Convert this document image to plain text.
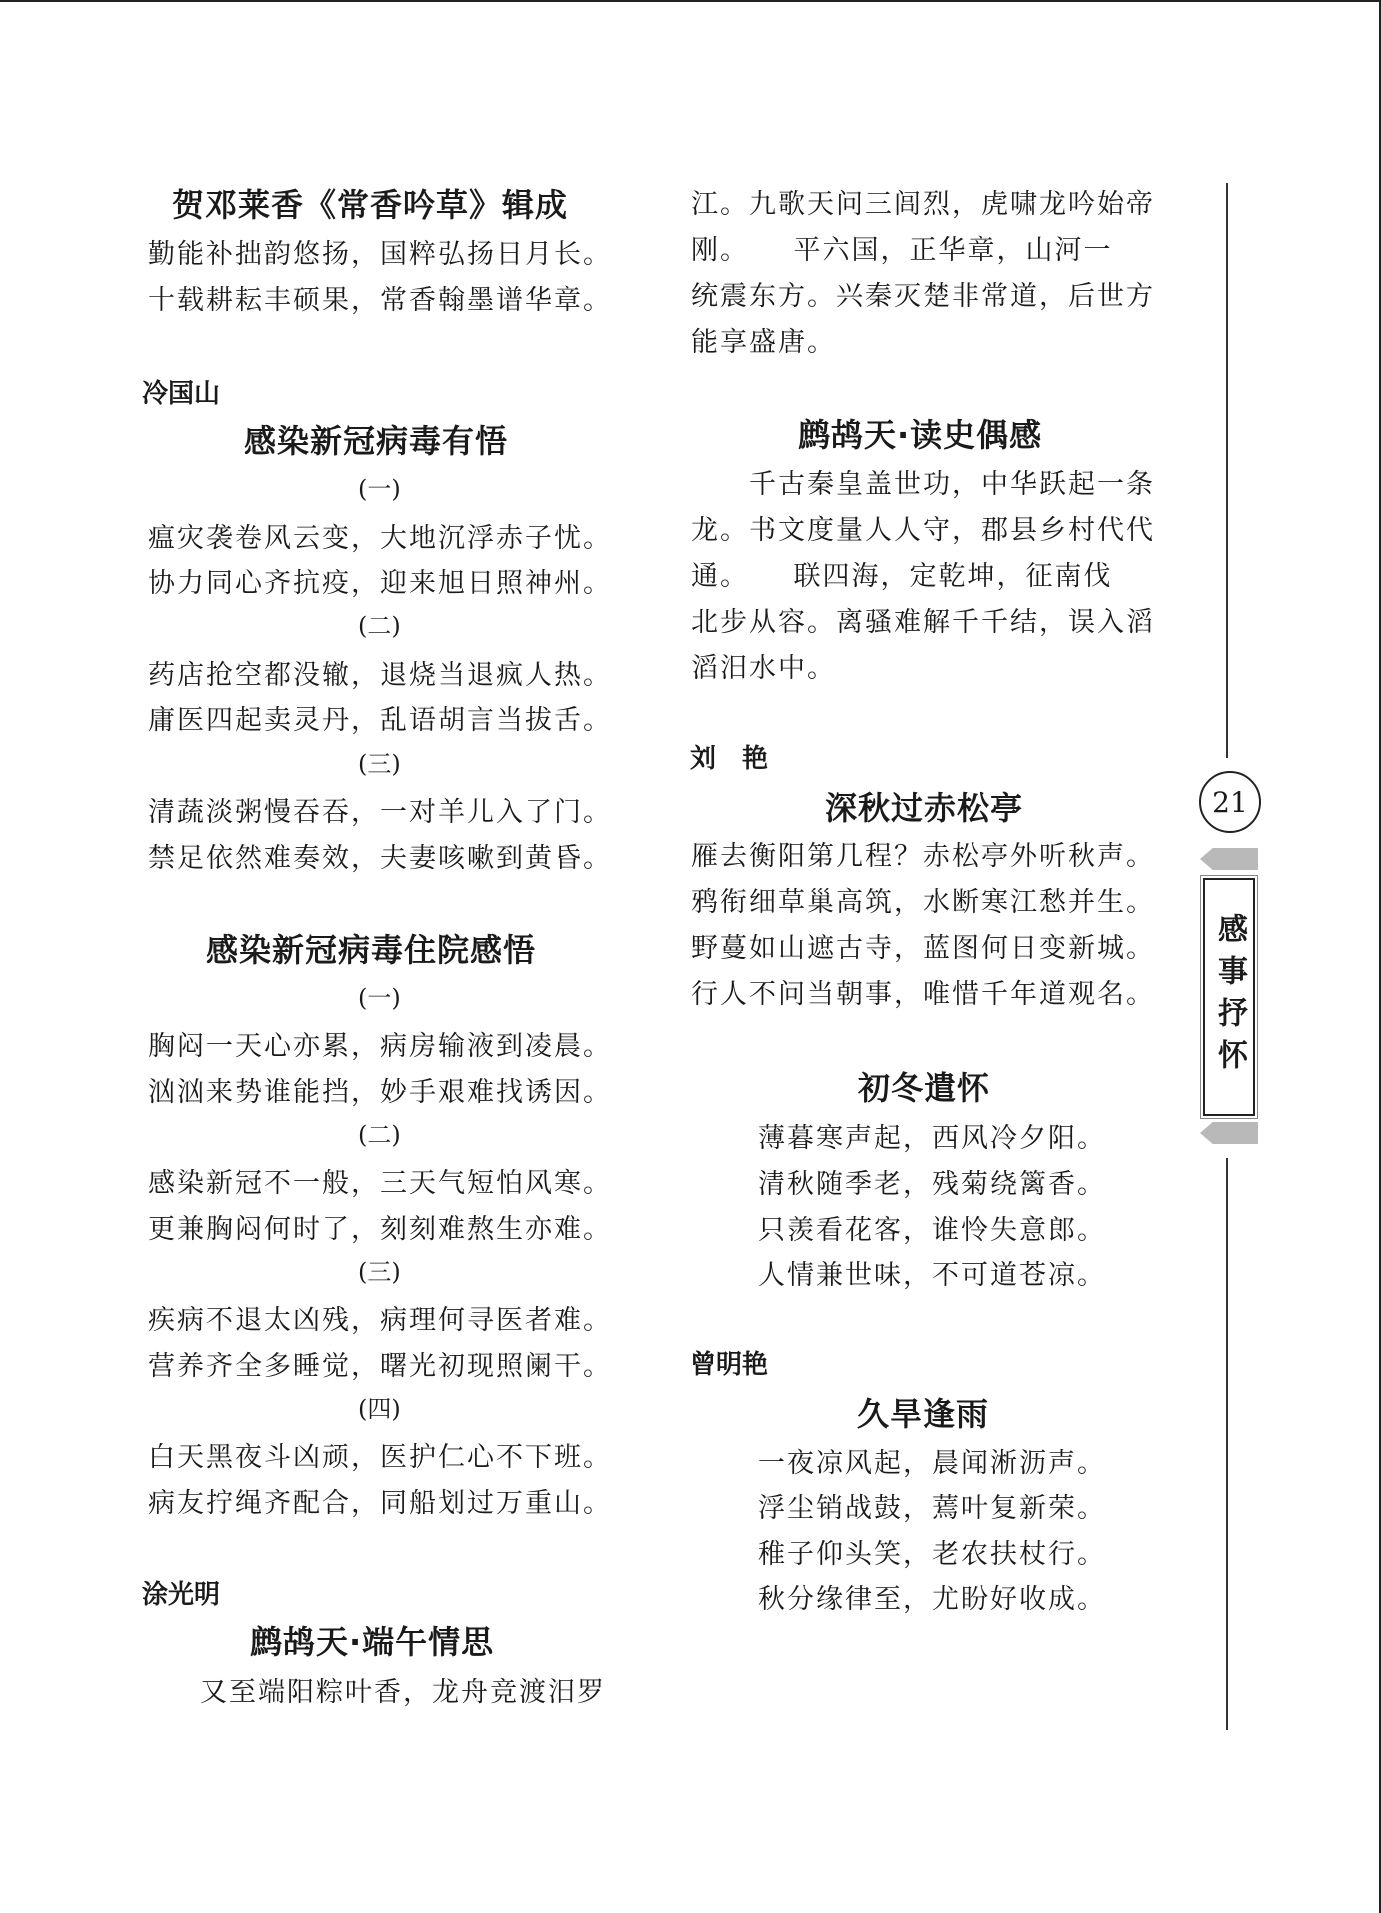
贺邓莱香《常香吟草》辑成
勤能补拙韵悠扬，国粹弘扬日月长。
十载耕耘丰硕果，常香翰墨谱华章。
冷国山
感染新冠病毒有悟
(一)
瘟灾袭卷风云变，大地沉浮赤子忧。
协力同心齐抗疫，迎来旭日照神州。
(二)
药店抢空都没辙，退烧当退疯人热。
庸医四起卖灵丹，乱语胡言当拔舌。
(三)
清蔬淡粥慢吞吞，一对羊儿入了门。
禁足依然难奏效，夫妻咳嗽到黄昏。
感染新冠病毒住院感悟
(一)
胸闷一天心亦累，病房输液到凌晨。
汹汹来势谁能挡，妙手艰难找诱因。
(二)
感染新冠不一般，三天气短怕风寒。
更兼胸闷何时了，刻刻难熬生亦难。
(三)
疾病不退太凶残，病理何寻医者难。
营养齐全多睡觉，曙光初现照阑干。
(四)
白天黑夜斗凶顽，医护仁心不下班。
病友拧绳齐配合，同船划过万重山。
涂光明
鹧鸪天·端午情思
又至端阳粽叶香，龙舟竞渡汨罗
江。九歌天问三闾烈，虎啸龙吟始帝
刚。　　平六国，正华章，山河一
统震东方。兴秦灭楚非常道，后世方
能享盛唐。
鹧鸪天·读史偶感
千古秦皇盖世功，中华跃起一条
龙。书文度量人人守，郡县乡村代代
通。　　联四海，定乾坤，征南伐
北步从容。离骚难解千千结，误入滔
滔汨水中。
刘　艳
深秋过赤松亭
雁去衡阳第几程？赤松亭外听秋声。
鸦衔细草巢高筑，水断寒江愁并生。
野蔓如山遮古寺，蓝图何日变新城。
行人不问当朝事，唯惜千年道观名。
初冬遣怀
薄暮寒声起，西风冷夕阳。
清秋随季老，残菊绕篱香。
只羡看花客，谁怜失意郎。
人情兼世味，不可道苍凉。
曾明艳
久旱逢雨
一夜凉风起，晨闻淅沥声。
浮尘销战鼓，蔫叶复新荣。
稚子仰头笑，老农扶杖行。
秋分缘律至，尤盼好收成。
21
感事抒怀
